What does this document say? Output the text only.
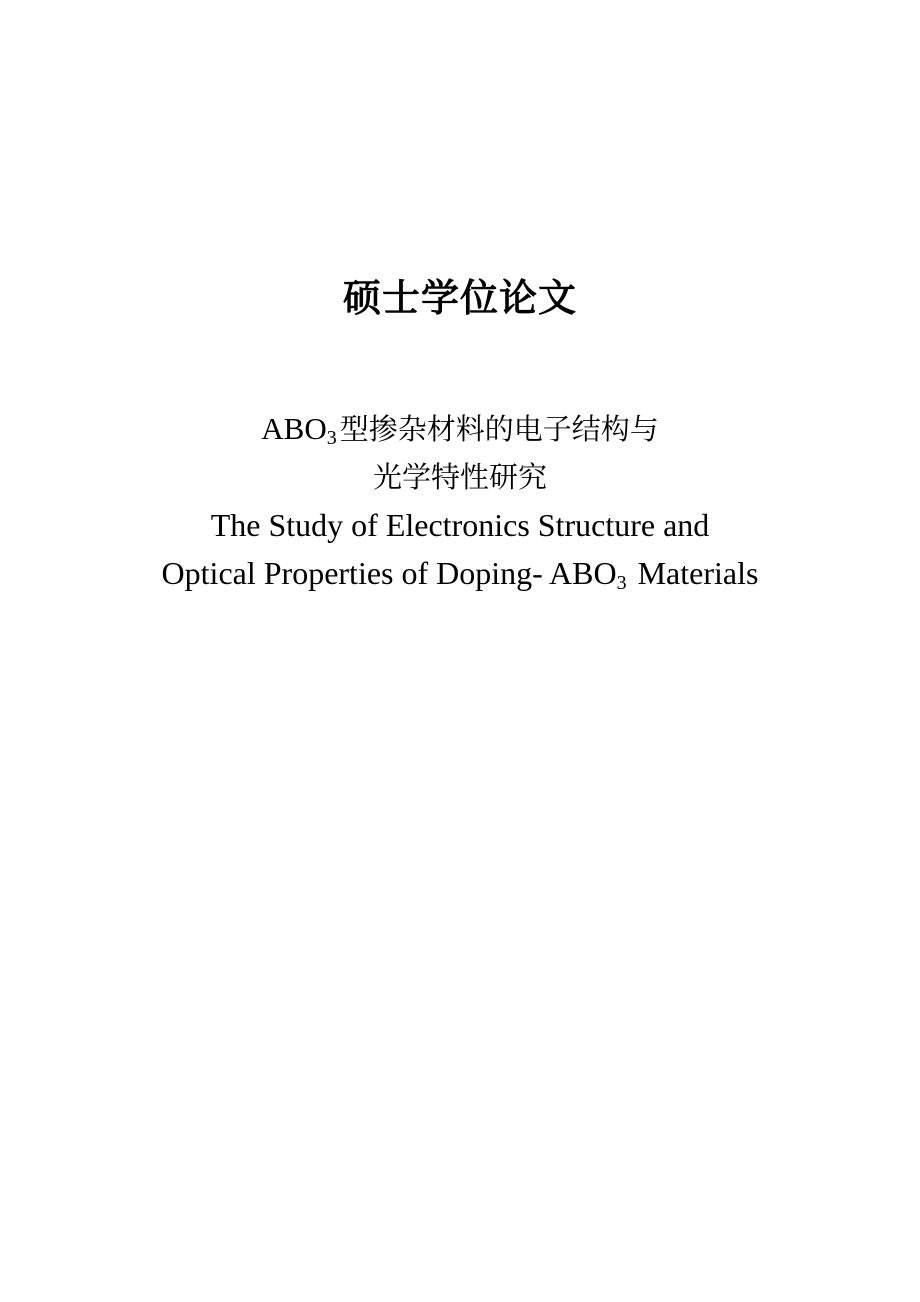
硕士学位论文
$ABO_3$ 型掺杂材料的电子结构与
光学特性研究
The Study of Electronics Structure and
Optical Properties of Doping- $ABO_3$ Materials
